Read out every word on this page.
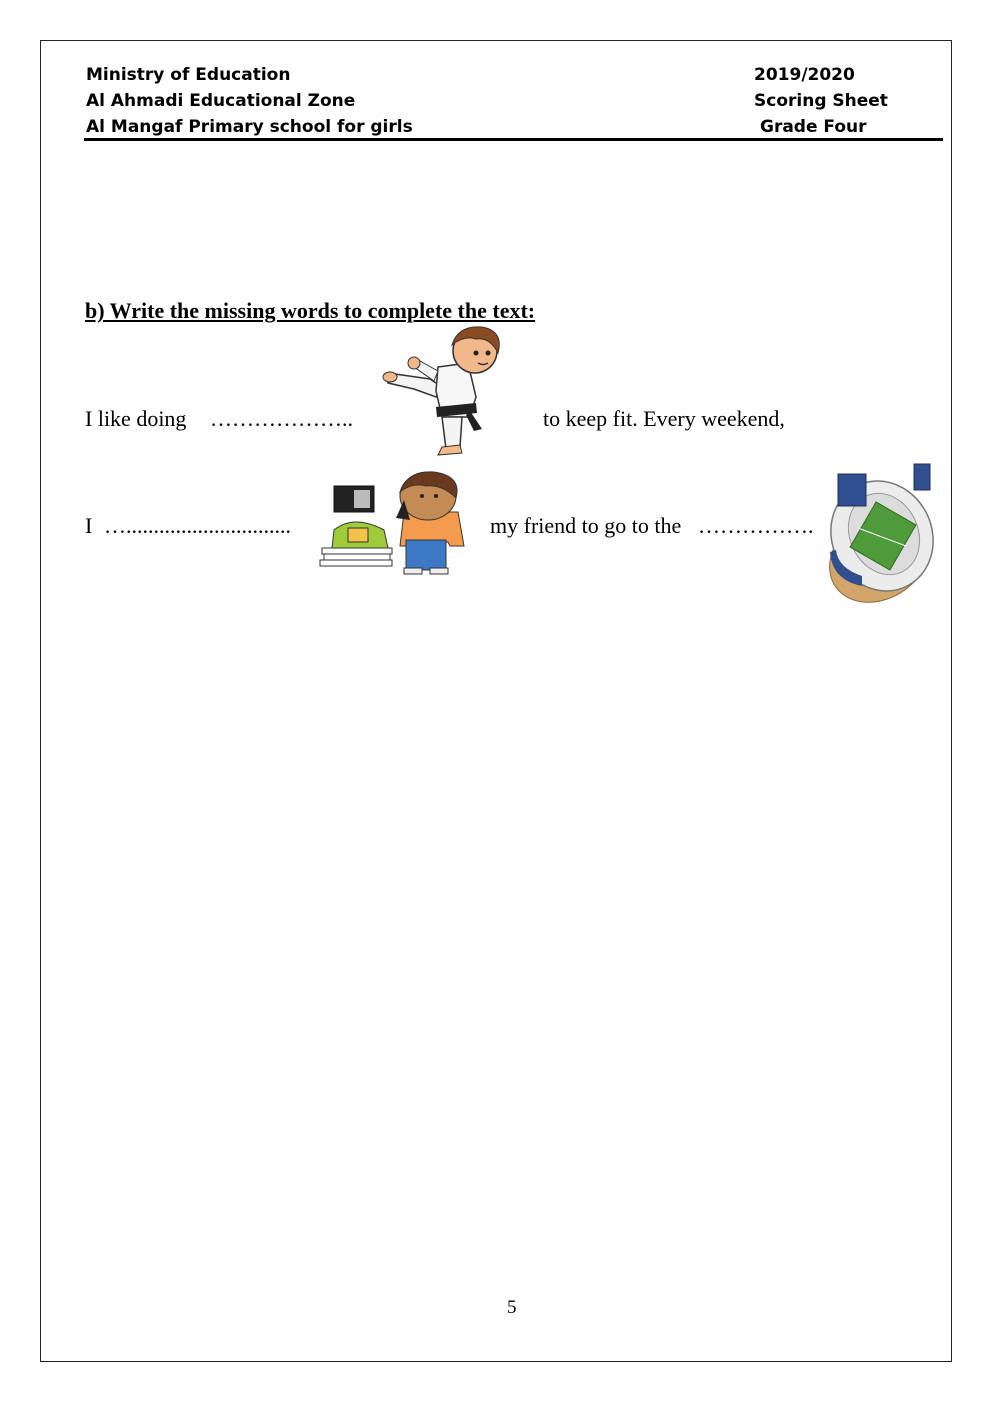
Ministry of Education
Al Ahmadi Educational Zone
Al Mangaf Primary school for girls
2019/2020
Scoring Sheet
Grade Four
b) Write the missing words to complete the text:
I like doing ………………..	to keep fit. Every weekend,
I …..............................	my friend to go to the …………….
5
